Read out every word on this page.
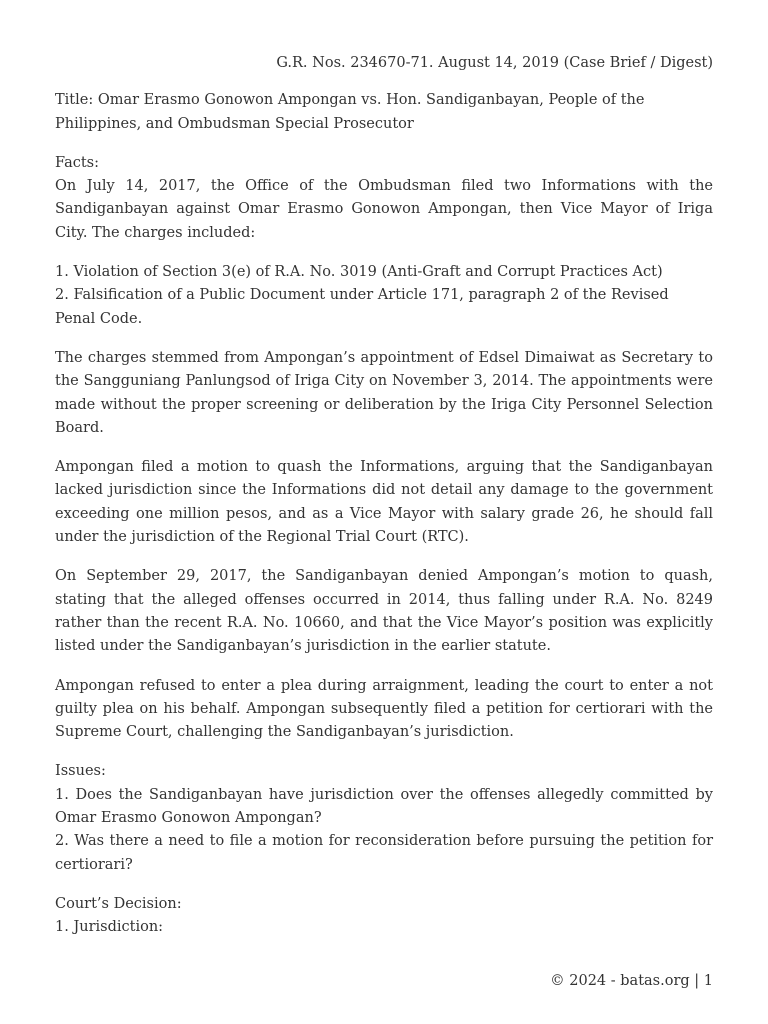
G.R. Nos. 234670-71. August 14, 2019 (Case Brief / Digest)

Title: Omar Erasmo Gonowon Ampongan vs. Hon. Sandiganbayan, People of the Philippines, and Ombudsman Special Prosecutor

Facts:
On July 14, 2017, the Office of the Ombudsman filed two Informations with the Sandiganbayan against Omar Erasmo Gonowon Ampongan, then Vice Mayor of Iriga City. The charges included:

1. Violation of Section 3(e) of R.A. No. 3019 (Anti-Graft and Corrupt Practices Act)
2. Falsification of a Public Document under Article 171, paragraph 2 of the Revised Penal Code.

The charges stemmed from Ampongan’s appointment of Edsel Dimaiwat as Secretary to the Sangguniang Panlungsod of Iriga City on November 3, 2014. The appointments were made without the proper screening or deliberation by the Iriga City Personnel Selection Board.

Ampongan filed a motion to quash the Informations, arguing that the Sandiganbayan lacked jurisdiction since the Informations did not detail any damage to the government exceeding one million pesos, and as a Vice Mayor with salary grade 26, he should fall under the jurisdiction of the Regional Trial Court (RTC).

On September 29, 2017, the Sandiganbayan denied Ampongan’s motion to quash, stating that the alleged offenses occurred in 2014, thus falling under R.A. No. 8249 rather than the recent R.A. No. 10660, and that the Vice Mayor’s position was explicitly listed under the Sandiganbayan’s jurisdiction in the earlier statute.

Ampongan refused to enter a plea during arraignment, leading the court to enter a not guilty plea on his behalf. Ampongan subsequently filed a petition for certiorari with the Supreme Court, challenging the Sandiganbayan’s jurisdiction.

Issues:
1. Does the Sandiganbayan have jurisdiction over the offenses allegedly committed by Omar Erasmo Gonowon Ampongan?
2. Was there a need to file a motion for reconsideration before pursuing the petition for certiorari?

Court’s Decision:
1. Jurisdiction:

© 2024 - batas.org | 1
